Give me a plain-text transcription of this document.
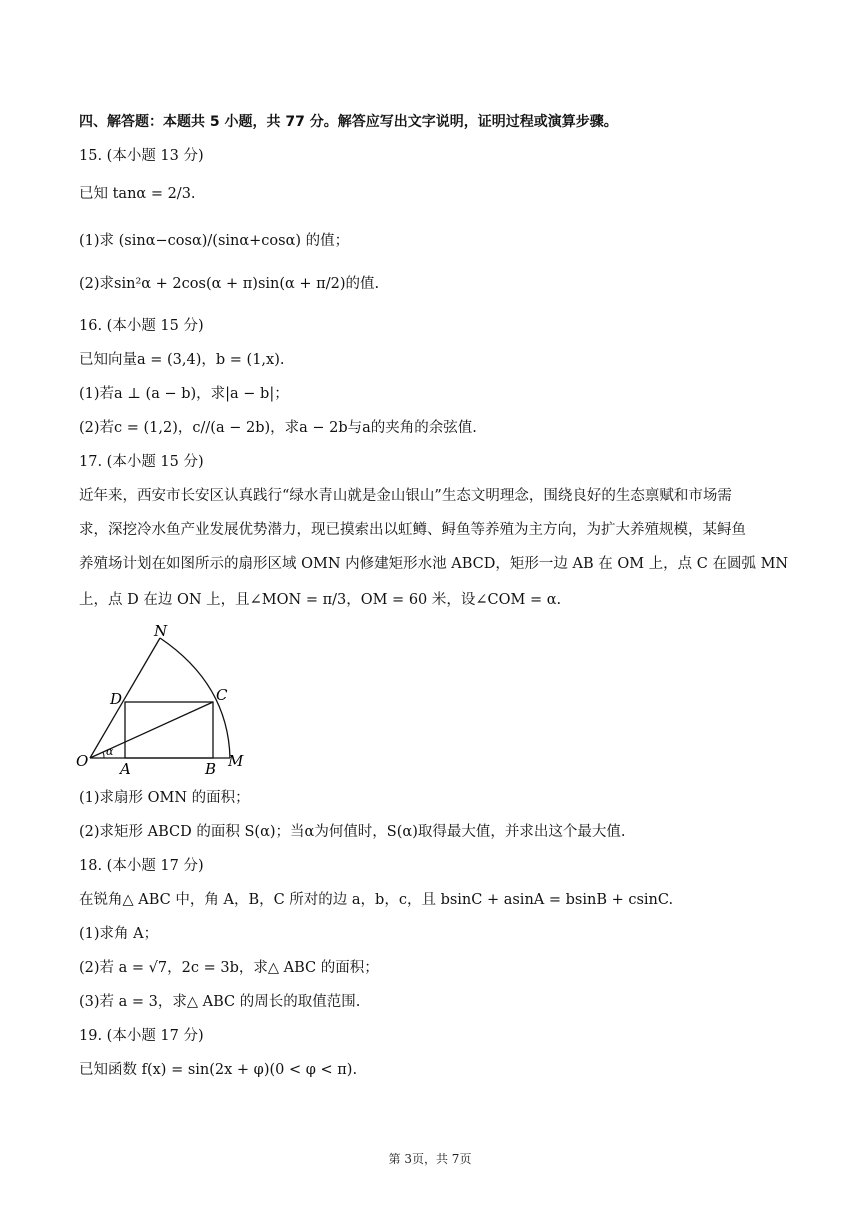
四、解答题：本题共 5 小题，共 77 分。解答应写出文字说明，证明过程或演算步骤。
15. (本小题 13 分)
已知 tanα = 2/3.
(1)求 (sinα−cosα)/(sinα+cosα) 的值；
(2)求sin²α + 2cos(α + π)sin(α + π/2)的值.
16. (本小题 15 分)
已知向量a = (3,4)，b = (1,x).
(1)若a ⊥ (a − b)，求|a − b|；
(2)若c = (1,2)，c//(a − 2b)，求a − 2b与a的夹角的余弦值.
17. (本小题 15 分)
近年来，西安市长安区认真践行“绿水青山就是金山银山”生态文明理念，围绕良好的生态禀赋和市场需
求，深挖冷水鱼产业发展优势潜力，现已摸索出以虹鳟、鲟鱼等养殖为主方向，为扩大养殖规模，某鲟鱼
养殖场计划在如图所示的扇形区域 OMN 内修建矩形水池 ABCD，矩形一边 AB 在 OM 上，点 C 在圆弧 MN
上，点 D 在边 ON 上，且∠MON = π/3，OM = 60 米，设∠COM = α.
N
D	C
O A	B M
α
(1)求扇形 OMN 的面积；
(2)求矩形 ABCD 的面积 S(α)；当α为何值时，S(α)取得最大值，并求出这个最大值.
18. (本小题 17 分)
在锐角△ ABC 中，角 A，B，C 所对的边 a，b，c，且 bsinC + asinA = bsinB + csinC.
(1)求角 A；
(2)若 a = √7，2c = 3b，求△ ABC 的面积；
(3)若 a = 3，求△ ABC 的周长的取值范围.
19. (本小题 17 分)
已知函数 f(x) = sin(2x + φ)(0 < φ < π).
第 3页，共 7页
